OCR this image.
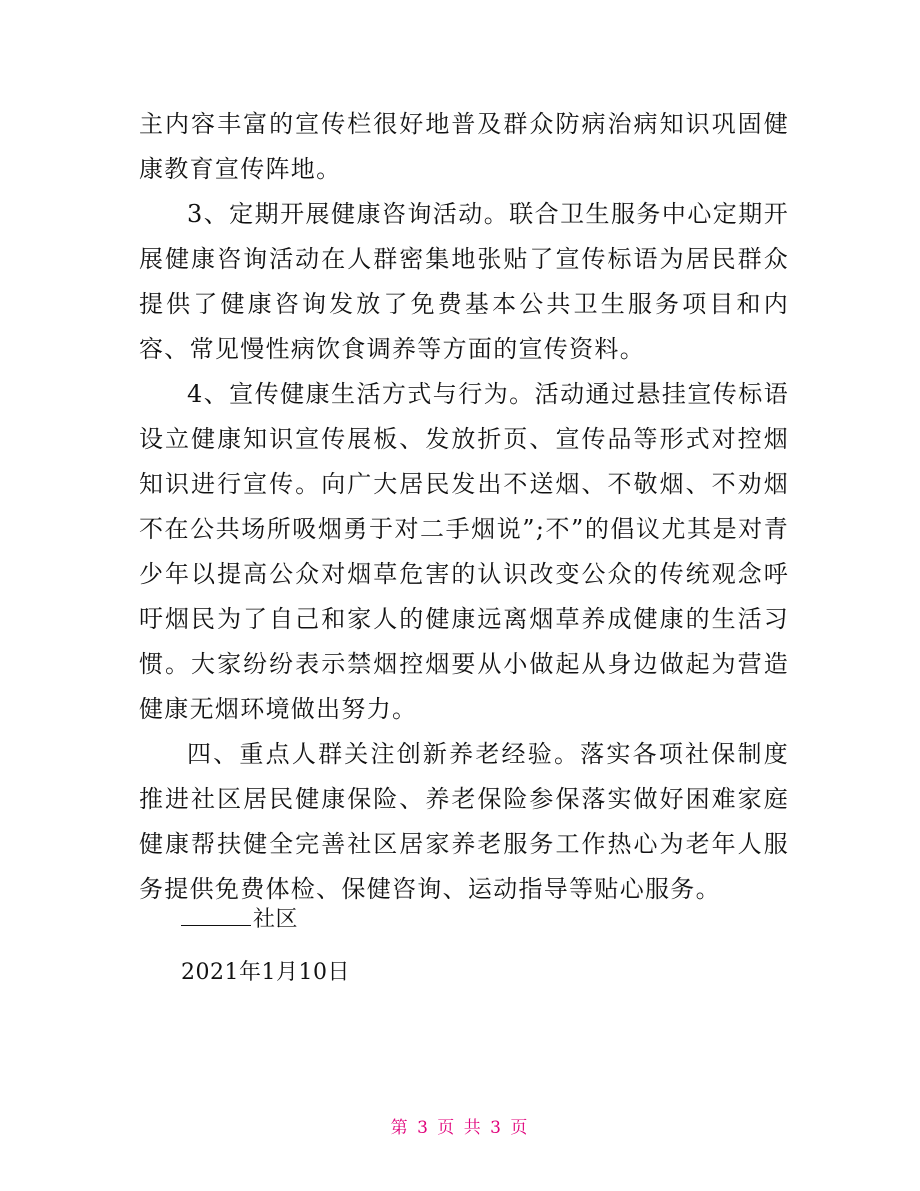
主内容丰富的宣传栏很好地普及群众防病治病知识巩固健康教育宣传阵地。

3、定期开展健康咨询活动。联合卫生服务中心定期开展健康咨询活动在人群密集地张贴了宣传标语为居民群众提供了健康咨询发放了免费基本公共卫生服务项目和内容、常见慢性病饮食调养等方面的宣传资料。

4、宣传健康生活方式与行为。活动通过悬挂宣传标语设立健康知识宣传展板、发放折页、宣传品等形式对控烟知识进行宣传。向广大居民发出不送烟、不敬烟、不劝烟不在公共场所吸烟勇于对二手烟说”;不”的倡议尤其是对青少年以提高公众对烟草危害的认识改变公众的传统观念呼吁烟民为了自己和家人的健康远离烟草养成健康的生活习惯。大家纷纷表示禁烟控烟要从小做起从身边做起为营造健康无烟环境做出努力。

四、重点人群关注创新养老经验。落实各项社保制度推进社区居民健康保险、养老保险参保落实做好困难家庭健康帮扶健全完善社区居家养老服务工作热心为老年人服务提供免费体检、保健咨询、运动指导等贴心服务。

社区
2021年1月10日
第 3 页 共 3 页
